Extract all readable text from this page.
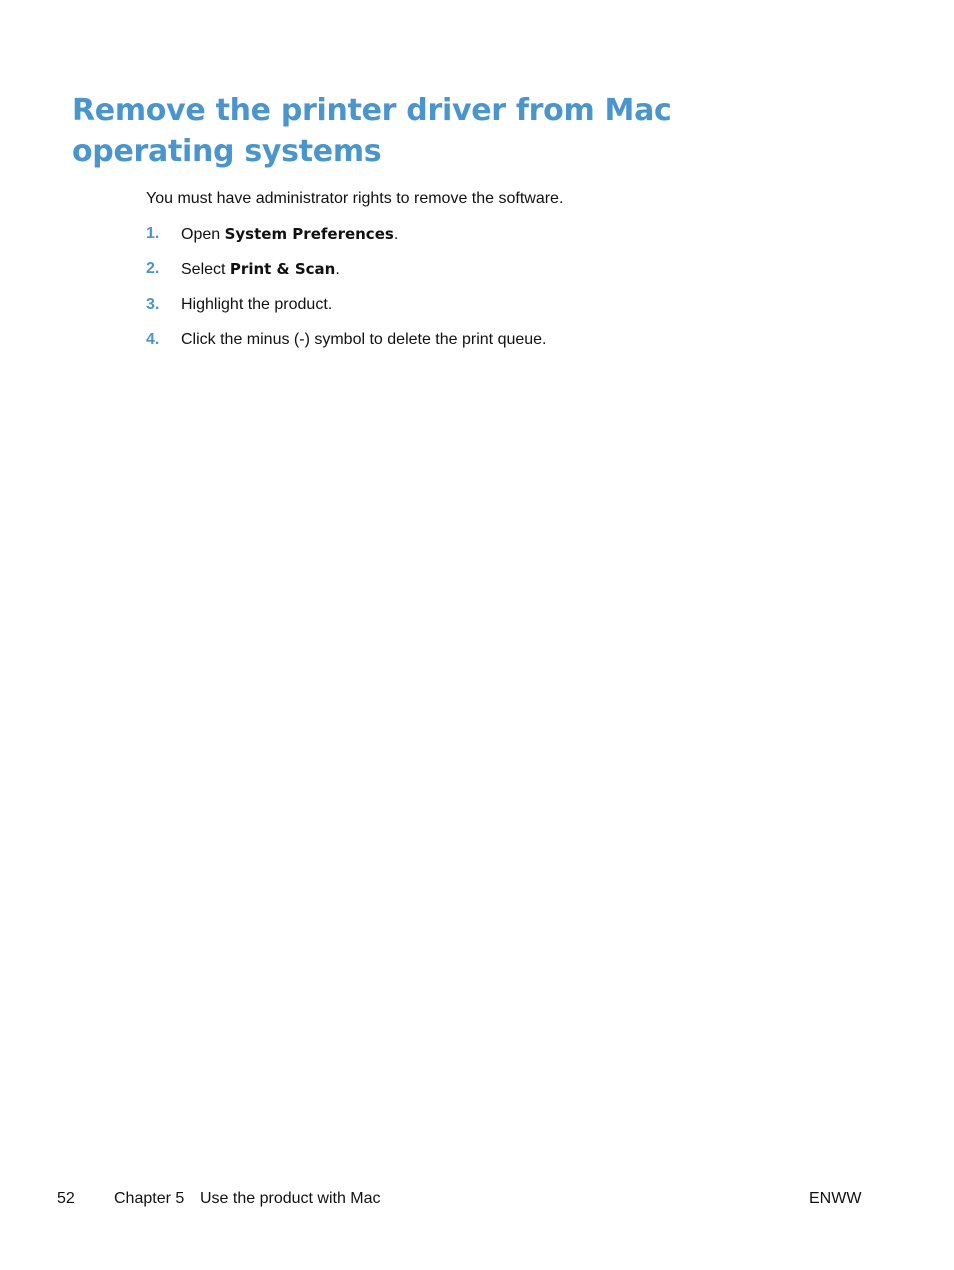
Remove the printer driver from Mac operating systems

You must have administrator rights to remove the software.

1. Open System Preferences.
2. Select Print & Scan.
3. Highlight the product.
4. Click the minus (-) symbol to delete the print queue.
52 Chapter 5 Use the product with Mac	ENWW
